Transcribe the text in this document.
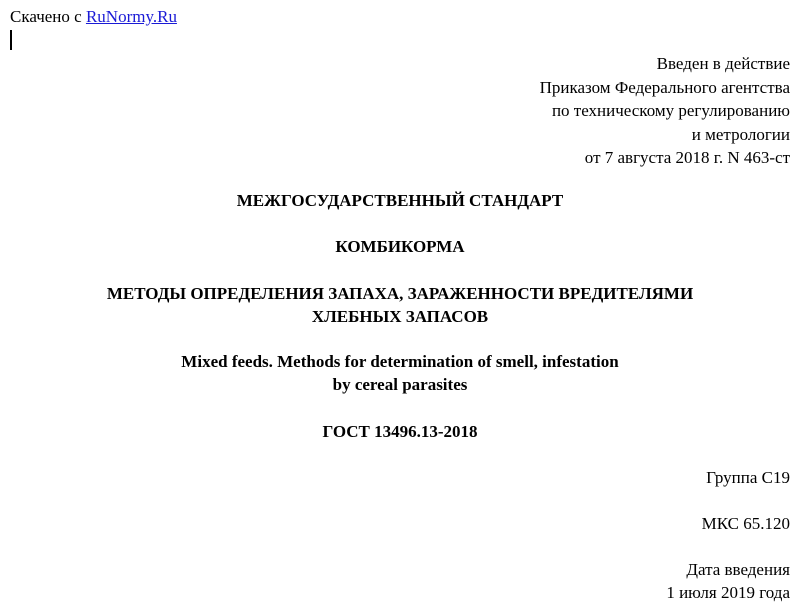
Скачено с RuNormy.Ru
Введен в действие
Приказом Федерального агентства
по техническому регулированию
и метрологии
от 7 августа 2018 г. N 463-ст
МЕЖГОСУДАРСТВЕННЫЙ СТАНДАРТ
КОМБИКОРМА
МЕТОДЫ ОПРЕДЕЛЕНИЯ ЗАПАХА, ЗАРАЖЕННОСТИ ВРЕДИТЕЛЯМИ
ХЛЕБНЫХ ЗАПАСОВ
Mixed feeds. Methods for determination of smell, infestation
by cereal parasites
ГОСТ 13496.13-2018
Группа С19
МКС 65.120
Дата введения
1 июля 2019 года
